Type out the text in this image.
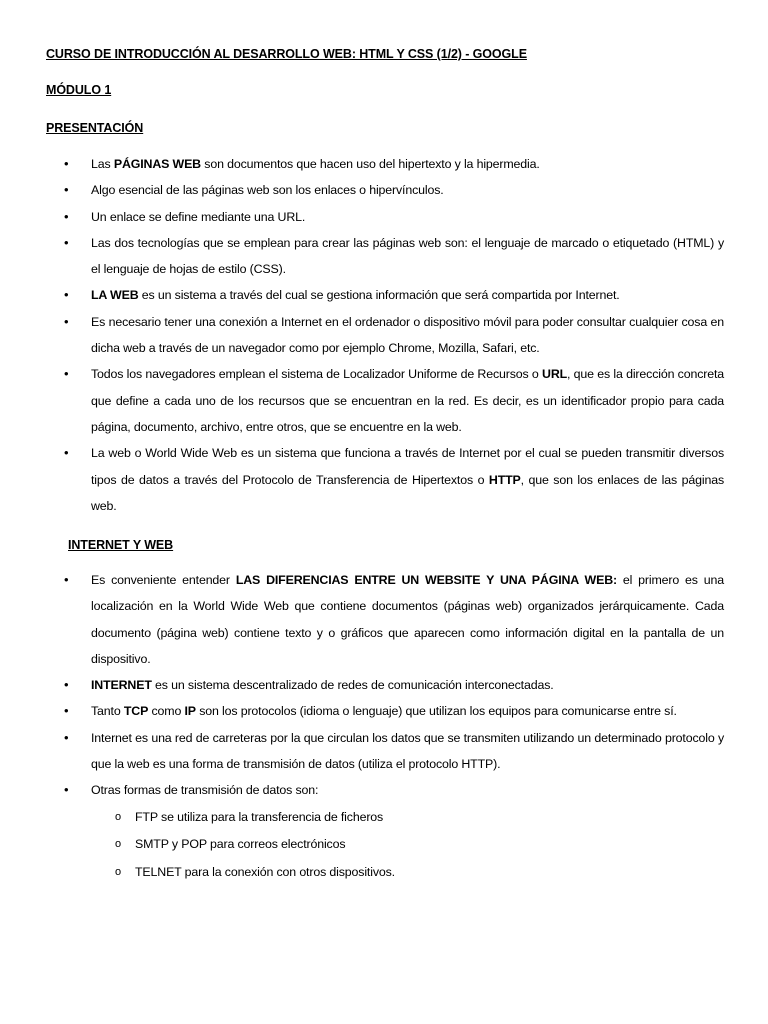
CURSO DE INTRODUCCIÓN AL DESARROLLO WEB: HTML Y CSS (1/2) - GOOGLE
MÓDULO 1
PRESENTACIÓN
• Las PÁGINAS WEB son documentos que hacen uso del hipertexto y la hipermedia.
• Algo esencial de las páginas web son los enlaces o hipervínculos.
• Un enlace se define mediante una URL.
• Las dos tecnologías que se emplean para crear las páginas web son: el lenguaje de marcado o etiquetado (HTML) y el lenguaje de hojas de estilo (CSS).
• LA WEB es un sistema a través del cual se gestiona información que será compartida por Internet.
• Es necesario tener una conexión a Internet en el ordenador o dispositivo móvil para poder consultar cualquier cosa en dicha web a través de un navegador como por ejemplo Chrome, Mozilla, Safari, etc.
• Todos los navegadores emplean el sistema de Localizador Uniforme de Recursos o URL, que es la dirección concreta que define a cada uno de los recursos que se encuentran en la red. Es decir, es un identificador propio para cada página, documento, archivo, entre otros, que se encuentre en la web.
• La web o World Wide Web es un sistema que funciona a través de Internet por el cual se pueden transmitir diversos tipos de datos a través del Protocolo de Transferencia de Hipertextos o HTTP, que son los enlaces de las páginas web.
INTERNET Y WEB
• Es conveniente entender LAS DIFERENCIAS ENTRE UN WEBSITE Y UNA PÁGINA WEB: el primero es una localización en la World Wide Web que contiene documentos (páginas web) organizados jerárquicamente. Cada documento (página web) contiene texto y o gráficos que aparecen como información digital en la pantalla de un dispositivo.
• INTERNET es un sistema descentralizado de redes de comunicación interconectadas.
• Tanto TCP como IP son los protocolos (idioma o lenguaje) que utilizan los equipos para comunicarse entre sí.
• Internet es una red de carreteras por la que circulan los datos que se transmiten utilizando un determinado protocolo y que la web es una forma de transmisión de datos (utiliza el protocolo HTTP).
• Otras formas de transmisión de datos son:
o FTP se utiliza para la transferencia de ficheros
o SMTP y POP para correos electrónicos
o TELNET para la conexión con otros dispositivos.
